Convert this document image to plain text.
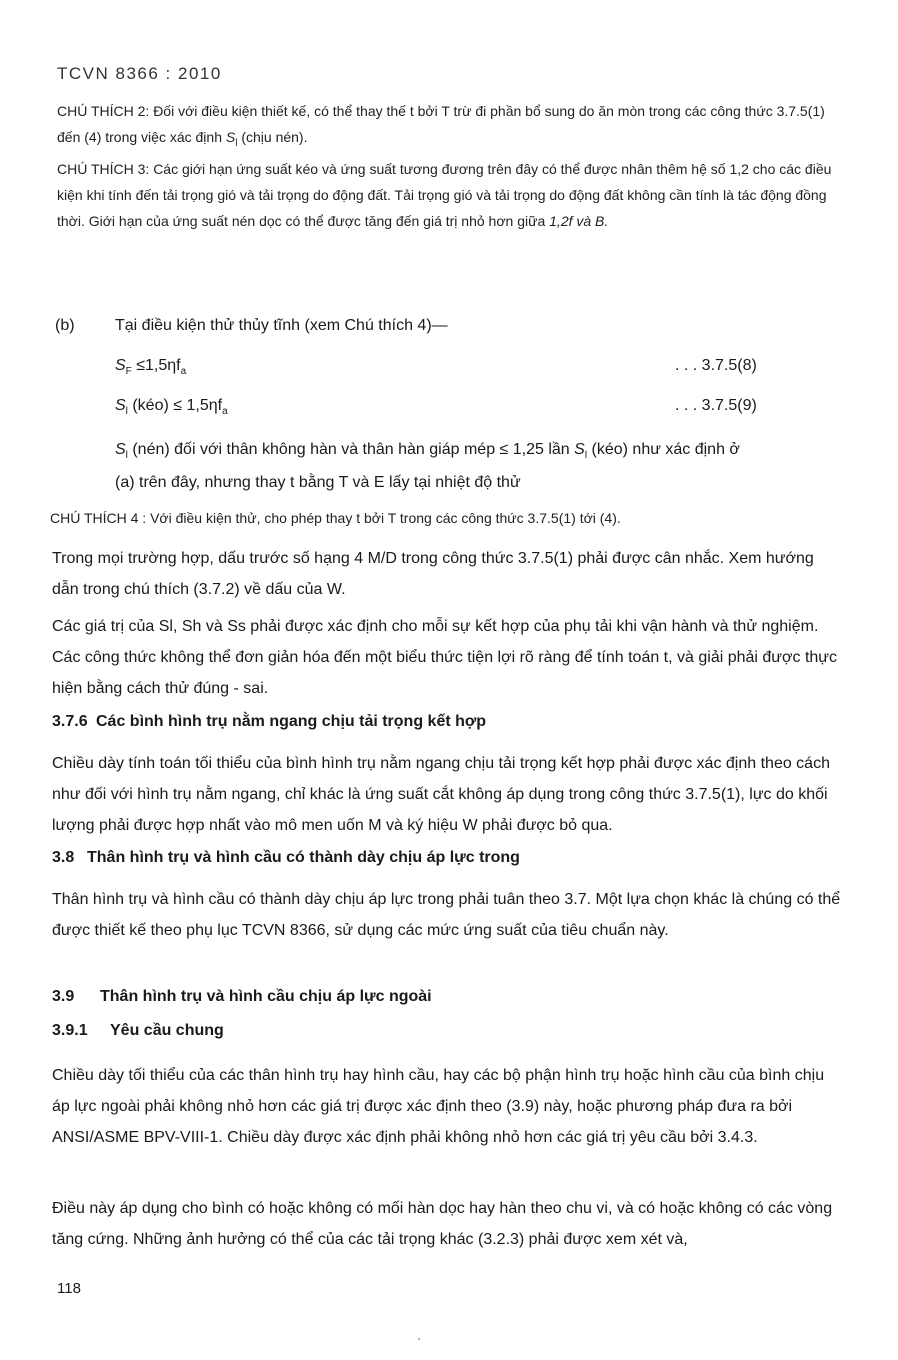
TCVN 8366 : 2010
CHÚ THÍCH 2: Đối với điều kiện thiết kế, có thể thay thế t bởi T trừ đi phần bổ sung do ăn mòn trong các công thức 3.7.5(1) đến (4) trong việc xác định $S_l$ (chịu nén).
CHÚ THÍCH 3: Các giới hạn ứng suất kéo và ứng suất tương đương trên đây có thể được nhân thêm hệ số 1,2 cho các điều kiện khi tính đến tải trọng gió và tải trọng do động đất. Tải trọng gió và tải trọng do động đất không cần tính là tác động đồng thời. Giới hạn của ứng suất nén dọc có thể được tăng đến giá trị nhỏ hơn giữa 1,2f và B.
(b)	Tại điều kiện thử thủy tĩnh (xem Chú thích 4)—
$S_F \le 1,5\eta f_a$	. . . 3.7.5(8)
$S_l$ (kéo) ≤ $1,5\eta f_a$	. . . 3.7.5(9)
$S_l$ (nén) đối với thân không hàn và thân hàn giáp mép ≤ 1,25 lần $S_l$ (kéo) như xác định ở
(a) trên đây, nhưng thay t bằng T và E lấy tại nhiệt độ thử
CHÚ THÍCH 4 : Với điều kiện thử, cho phép thay t bởi T trong các công thức 3.7.5(1) tới (4).
Trong mọi trường hợp, dấu trước số hạng 4 M/D trong công thức 3.7.5(1) phải được cân nhắc. Xem hướng dẫn trong chú thích (3.7.2) về dấu của W.
Các giá trị của Sl, Sh và Ss phải được xác định cho mỗi sự kết hợp của phụ tải khi vận hành và thử nghiệm. Các công thức không thể đơn giản hóa đến một biểu thức tiện lợi rõ ràng để tính toán t, và giải phải được thực hiện bằng cách thử đúng - sai.
3.7.6 Các bình hình trụ nằm ngang chịu tải trọng kết hợp
Chiều dày tính toán tối thiểu của bình hình trụ nằm ngang chịu tải trọng kết hợp phải được xác định theo cách như đối với hình trụ nằm ngang, chỉ khác là ứng suất cắt không áp dụng trong công thức 3.7.5(1), lực do khối lượng phải được hợp nhất vào mô men uốn M và ký hiệu W phải được bỏ qua.
3.8 Thân hình trụ và hình cầu có thành dày chịu áp lực trong
Thân hình trụ và hình cầu có thành dày chịu áp lực trong phải tuân theo 3.7. Một lựa chọn khác là chúng có thể được thiết kế theo phụ lục TCVN 8366, sử dụng các mức ứng suất của tiêu chuẩn này.
3.9 Thân hình trụ và hình cầu chịu áp lực ngoài
3.9.1 Yêu cầu chung
Chiều dày tối thiểu của các thân hình trụ hay hình cầu, hay các bộ phận hình trụ hoặc hình cầu của bình chịu áp lực ngoài phải không nhỏ hơn các giá trị được xác định theo (3.9) này, hoặc phương pháp đưa ra bởi ANSI/ASME BPV-VIII-1. Chiều dày được xác định phải không nhỏ hơn các giá trị yêu cầu bởi 3.4.3.
Điều này áp dụng cho bình có hoặc không có mối hàn dọc hay hàn theo chu vi, và có hoặc không có các vòng tăng cứng. Những ảnh hưởng có thể của các tải trọng khác (3.2.3) phải được xem xét và,
118
